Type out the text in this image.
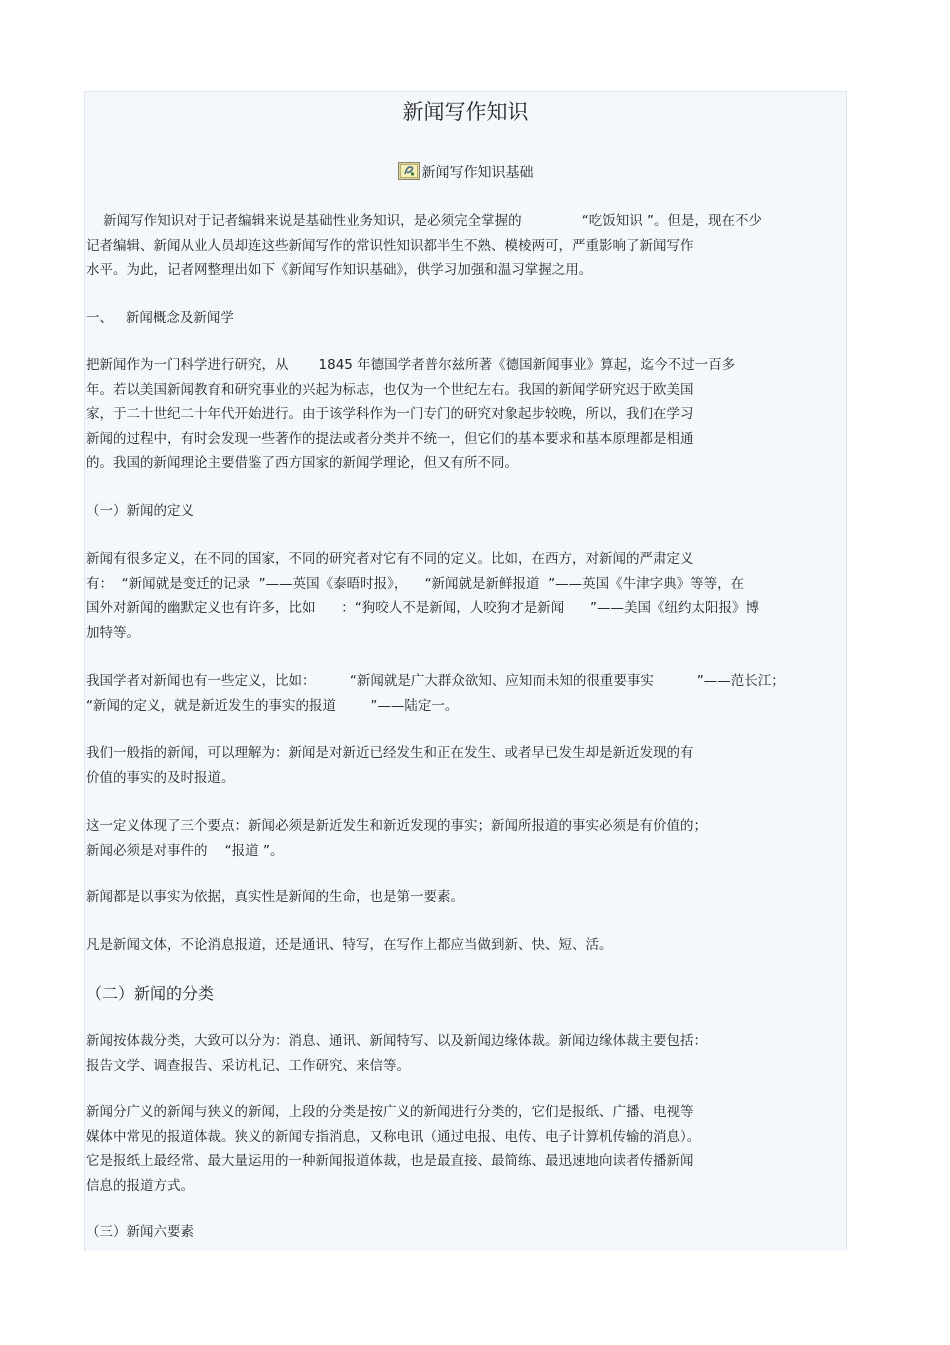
新闻写作知识
新闻写作知识基础

新闻写作知识对于记者编辑来说是基础性业务知识，是必须完全掌握的              “吃饭知识 ”。但是，现在不少
记者编辑、新闻从业人员却连这些新闻写作的常识性知识都半生不熟、模棱两可，严重影响了新闻写作
水平。为此，记者网整理出如下《新闻写作知识基础》，供学习加强和温习掌握之用。

一、   新闻概念及新闻学

把新闻作为一门科学进行研究，从       1845 年德国学者普尔兹所著《德国新闻事业》算起，迄今不过一百多
年。若以美国新闻教育和研究事业的兴起为标志，也仅为一个世纪左右。我国的新闻学研究迟于欧美国
家，于二十世纪二十年代开始进行。由于该学科作为一门专门的研究对象起步较晚，所以，我们在学习
新闻的过程中，有时会发现一些著作的提法或者分类并不统一，但它们的基本要求和基本原理都是相通
的。我国的新闻理论主要借鉴了西方国家的新闻学理论，但又有所不同。

（一）新闻的定义

新闻有很多定义，在不同的国家，不同的研究者对它有不同的定义。比如，在西方，对新闻的严肃定义
有：  “新闻就是变迁的记录  ”——英国《泰晤时报》，    “新闻就是新鲜报道  ”——英国《牛津字典》等等，在
国外对新闻的幽默定义也有许多，比如      ：“狗咬人不是新闻，人咬狗才是新闻      ”——美国《纽约太阳报》博
加特等。

我国学者对新闻也有一些定义，比如：        “新闻就是广大群众欲知、应知而未知的很重要事实          ”——范长江；
“新闻的定义，就是新近发生的事实的报道        ”——陆定一。

我们一般指的新闻，可以理解为：新闻是对新近已经发生和正在发生、或者早已发生却是新近发现的有
价值的事实的及时报道。

这一定义体现了三个要点：新闻必须是新近发生和新近发现的事实；新闻所报道的事实必须是有价值的；
新闻必须是对事件的    “报道 ”。

新闻都是以事实为依据，真实性是新闻的生命，也是第一要素。

凡是新闻文体，不论消息报道，还是通讯、特写，在写作上都应当做到新、快、短、活。

（二）新闻的分类

新闻按体裁分类，大致可以分为：消息、通讯、新闻特写、以及新闻边缘体裁。新闻边缘体裁主要包括：
报告文学、调查报告、采访札记、工作研究、来信等。

新闻分广义的新闻与狭义的新闻，上段的分类是按广义的新闻进行分类的，它们是报纸、广播、电视等
媒体中常见的报道体裁。狭义的新闻专指消息，又称电讯（通过电报、电传、电子计算机传输的消息）。
它是报纸上最经常、最大量运用的一种新闻报道体裁，也是最直接、最简练、最迅速地向读者传播新闻
信息的报道方式。

（三）新闻六要素
